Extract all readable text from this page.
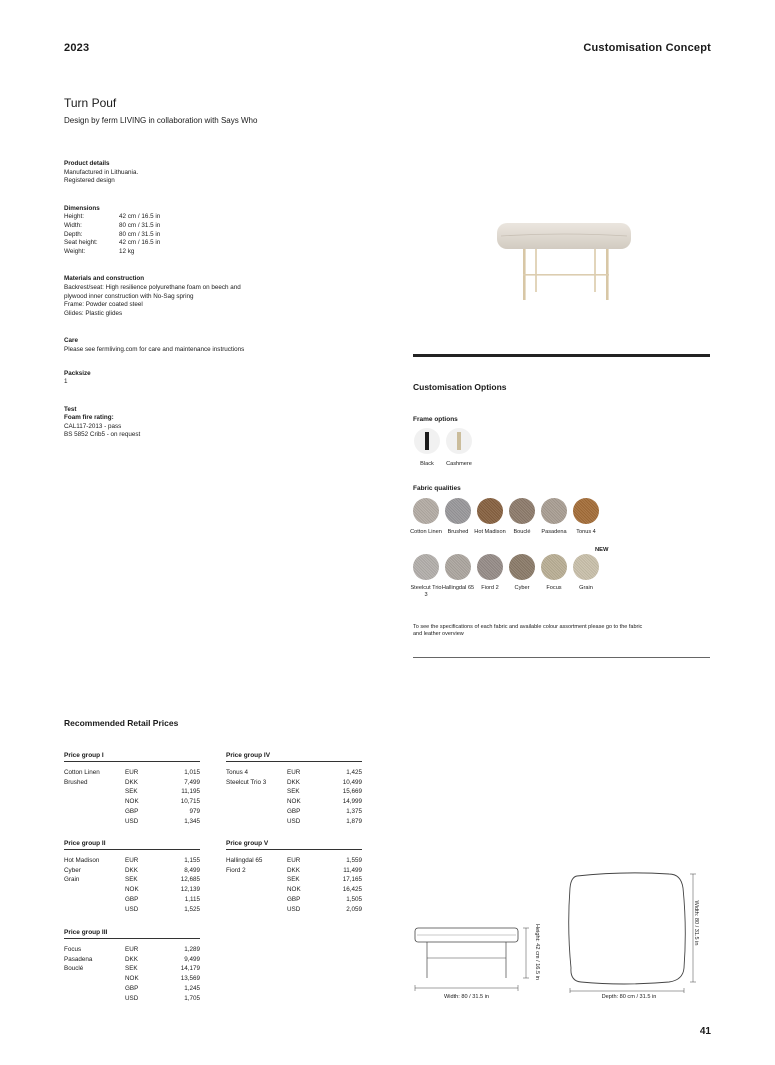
2023	Customisation Concept
Turn Pouf
Design by ferm LIVING in collaboration with Says Who
Product details
Manufactured in Lithuania.
Registered design
Dimensions
Height:	42 cm / 16.5 in
Width:	80 cm / 31.5 in
Depth:	80 cm / 31.5 in
Seat height:	42 cm / 16.5 in
Weight:	12 kg
Materials and construction
Backrest/seat: High resilience polyurethane foam on beech and
plywood inner construction with No-Sag spring
Frame: Powder coated steel
Glides: Plastic glides
Care
Please see fermliving.com for care and maintenance instructions
Packsize
1
Test
Foam fire rating:
CAL117-2013 - pass
BS 5852 Crib5 - on request
Customisation Options
Frame options
Black	Cashmere
Fabric qualities
Cotton Linen	Brushed	Hot Madison	Bouclé	Pasadena	Tonus 4
Steelcut Trio 3
Hallingdal 65	Fiord 2	Cyber	Focus	Grain
NEW
To see the specifications of each fabric and available colour assortment please go to the fabric
and leather overview
Recommended Retail Prices
Price group I
Cotton Linen	EUR	1,015
Brushed	DKK	7,499
SEK	11,195
NOK	10,715
GBP	979
USD	1,345
Price group II
Hot Madison	EUR	1,155
Cyber	DKK	8,499
Grain	SEK	12,685
NOK	12,139
GBP	1,115
USD	1,525
Price group III
Focus	EUR	1,289
Pasadena	DKK	9,499
Bouclé	SEK	14,179
NOK	13,569
GBP	1,245
USD	1,705
Price group IV
Tonus 4	EUR	1,425
Steelcut Trio 3	DKK	10,499
SEK	15,669
NOK	14,999
GBP	1,375
USD	1,879
Price group V
Hallingdal 65	EUR	1,559
Fiord 2	DKK	11,499
SEK	17,165
NOK	16,425
GBP	1,505
USD	2,059
Width: 80 / 31.5 in
Height: 42 cm / 16.5 in
Depth: 80 cm / 31.5 in
Width: 80 / 31.5 in
41
